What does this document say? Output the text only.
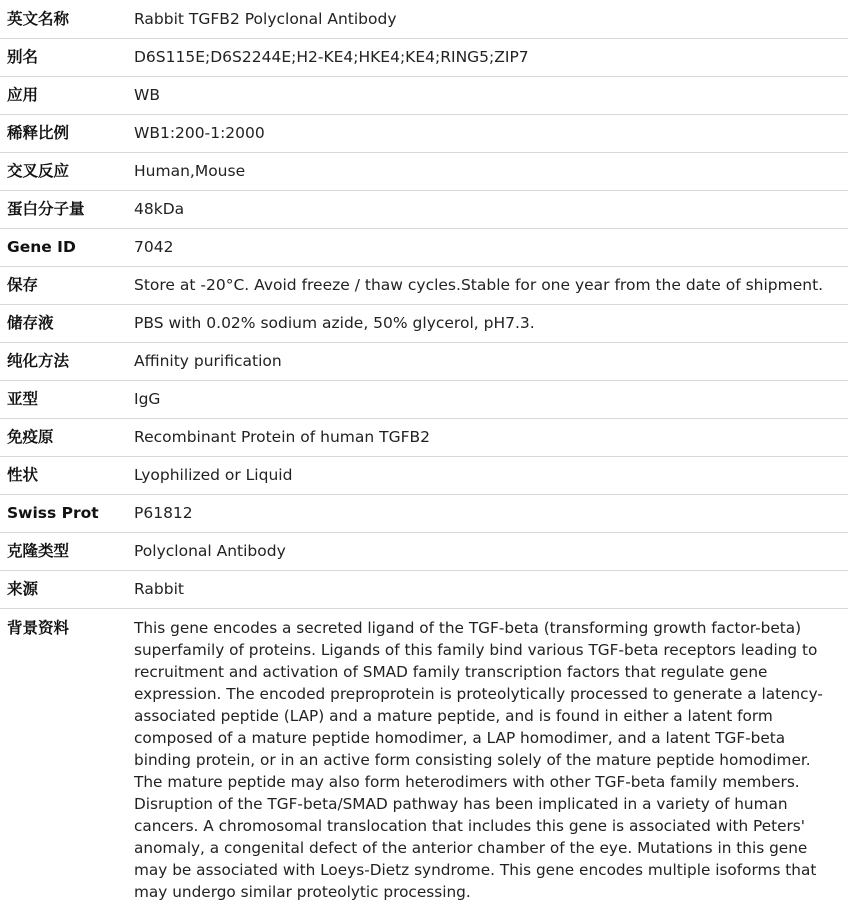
英文名称	Rabbit TGFB2 Polyclonal Antibody
别名	D6S115E;D6S2244E;H2-KE4;HKE4;KE4;RING5;ZIP7
应用	WB
稀释比例	WB1:200-1:2000
交叉反应	Human,Mouse
蛋白分子量	48kDa
Gene ID	7042
保存	Store at -20°C. Avoid freeze / thaw cycles.Stable for one year from the date of shipment.
储存液	PBS with 0.02% sodium azide, 50% glycerol, pH7.3.
纯化方法	Affinity purification
亚型	IgG
免疫原	Recombinant Protein of human TGFB2
性状	Lyophilized or Liquid
Swiss Prot	P61812
克隆类型	Polyclonal Antibody
来源	Rabbit
背景资料	This gene encodes a secreted ligand of the TGF-beta (transforming growth factor-beta) superfamily of proteins. Ligands of this family bind various TGF-beta receptors leading to recruitment and activation of SMAD family transcription factors that regulate gene expression. The encoded preproprotein is proteolytically processed to generate a latency-associated peptide (LAP) and a mature peptide, and is found in either a latent form composed of a mature peptide homodimer, a LAP homodimer, and a latent TGF-beta binding protein, or in an active form consisting solely of the mature peptide homodimer. The mature peptide may also form heterodimers with other TGF-beta family members. Disruption of the TGF-beta/SMAD pathway has been implicated in a variety of human cancers. A chromosomal translocation that includes this gene is associated with Peters' anomaly, a congenital defect of the anterior chamber of the eye. Mutations in this gene may be associated with Loeys-Dietz syndrome. This gene encodes multiple isoforms that may undergo similar proteolytic processing.
